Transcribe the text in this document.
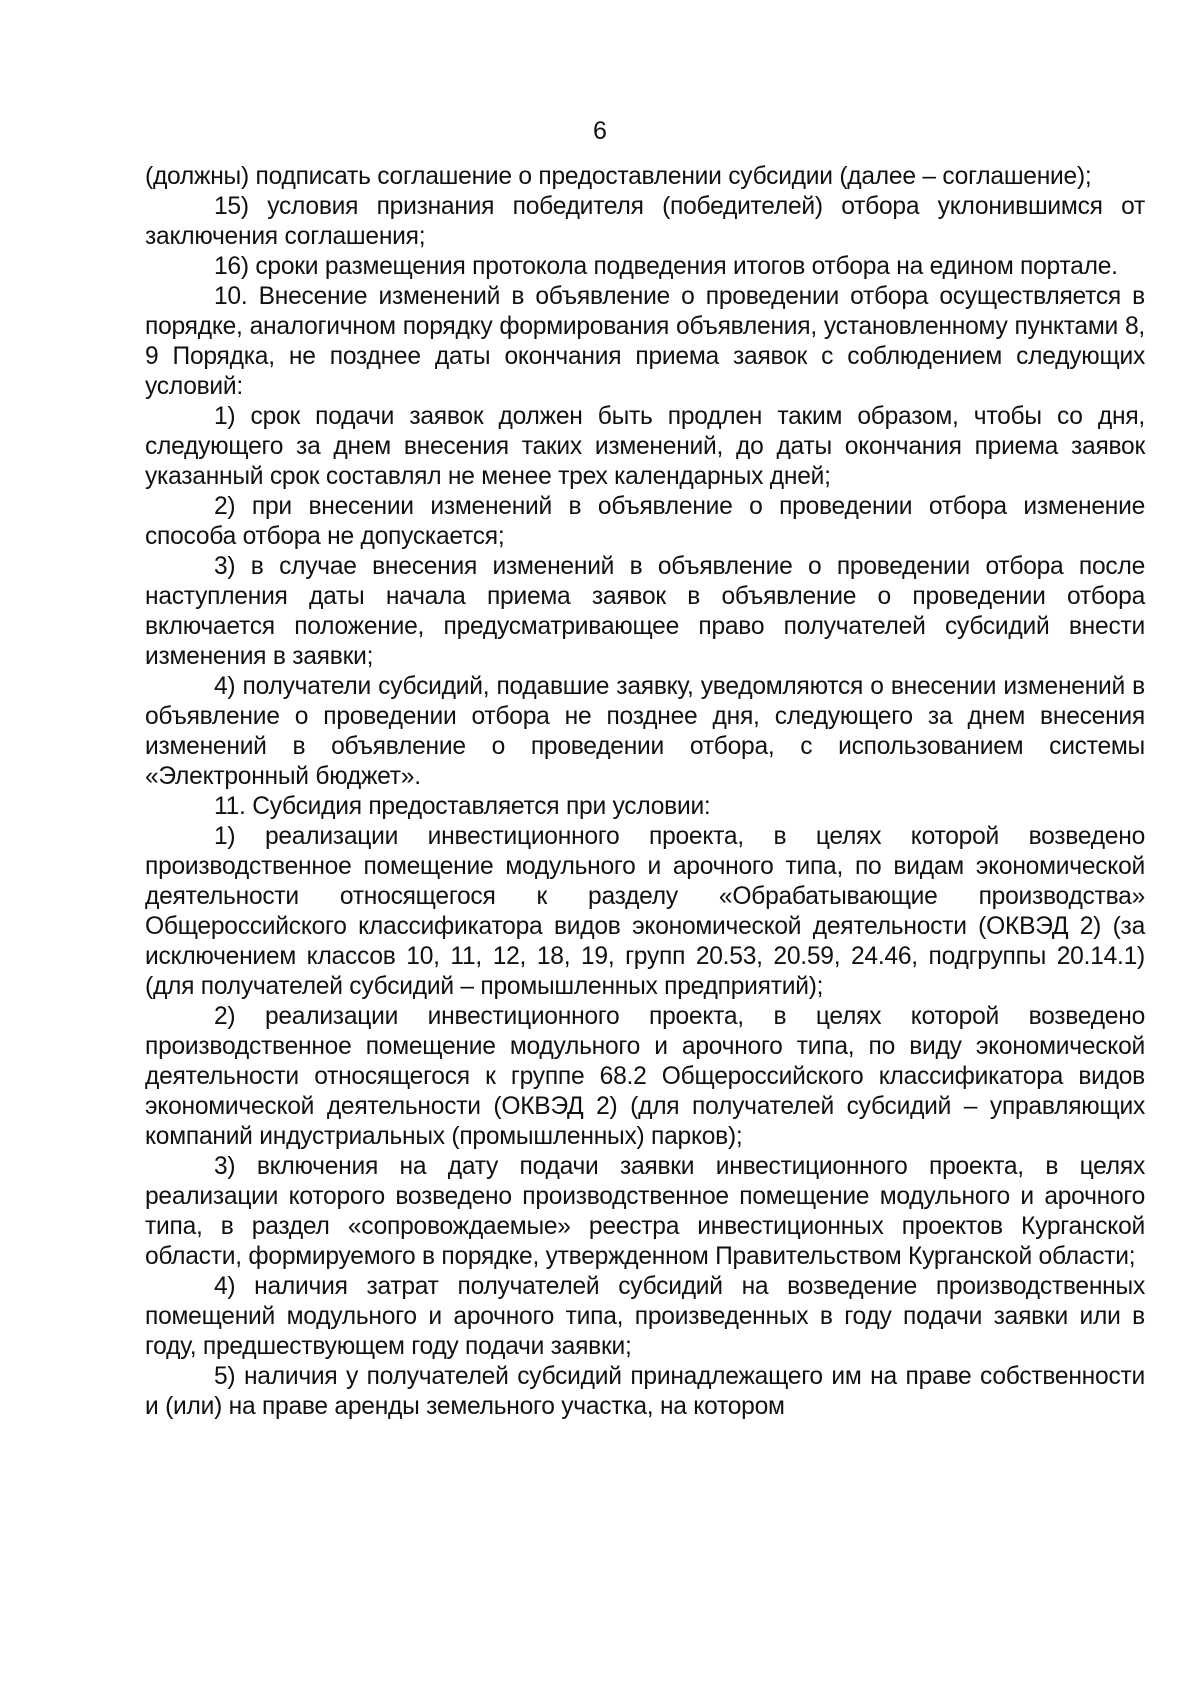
6

(должны) подписать соглашение о предоставлении субсидии (далее – соглашение);

15) условия признания победителя (победителей) отбора уклонившимся от заключения соглашения;

16) сроки размещения протокола подведения итогов отбора на едином портале.

10. Внесение изменений в объявление о проведении отбора осуществляется в порядке, аналогичном порядку формирования объявления, установленному пунктами 8, 9 Порядка, не позднее даты окончания приема заявок с соблюдением следующих условий:

1) срок подачи заявок должен быть продлен таким образом, чтобы со дня, следующего за днем внесения таких изменений, до даты окончания приема заявок указанный срок составлял не менее трех календарных дней;

2) при внесении изменений в объявление о проведении отбора изменение способа отбора не допускается;

3) в случае внесения изменений в объявление о проведении отбора после наступления даты начала приема заявок в объявление о проведении отбора включается положение, предусматривающее право получателей субсидий внести изменения в заявки;

4) получатели субсидий, подавшие заявку, уведомляются о внесении изменений в объявление о проведении отбора не позднее дня, следующего за днем внесения изменений в объявление о проведении отбора, с использованием системы «Электронный бюджет».

11. Субсидия предоставляется при условии:

1) реализации инвестиционного проекта, в целях которой возведено производственное помещение модульного и арочного типа, по видам экономической деятельности относящегося к разделу «Обрабатывающие производства» Общероссийского классификатора видов экономической деятельности (ОКВЭД 2) (за исключением классов 10, 11, 12, 18, 19, групп 20.53, 20.59, 24.46, подгруппы 20.14.1) (для получателей субсидий – промышленных предприятий);

2) реализации инвестиционного проекта, в целях которой возведено производственное помещение модульного и арочного типа, по виду экономической деятельности относящегося к группе 68.2 Общероссийского классификатора видов экономической деятельности (ОКВЭД 2) (для получателей субсидий – управляющих компаний индустриальных (промышленных) парков);

3) включения на дату подачи заявки инвестиционного проекта, в целях реализации которого возведено производственное помещение модульного и арочного типа, в раздел «сопровождаемые» реестра инвестиционных проектов Курганской области, формируемого в порядке, утвержденном Правительством Курганской области;

4) наличия затрат получателей субсидий на возведение производственных помещений модульного и арочного типа, произведенных в году подачи заявки или в году, предшествующем году подачи заявки;

5) наличия у получателей субсидий принадлежащего им на праве собственности и (или) на праве аренды земельного участка, на котором
